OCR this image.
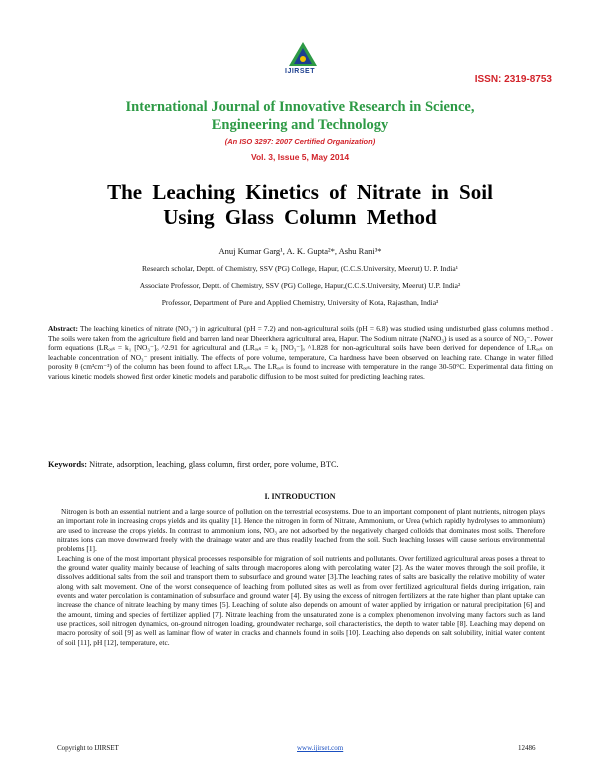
IJIRSET
ISSN: 2319-8753
International Journal of Innovative Research in Science,
Engineering and Technology
(An ISO 3297: 2007 Certified Organization)
Vol. 3, Issue 5, May 2014
The Leaching Kinetics of Nitrate in Soil
Using Glass Column Method
Anuj Kumar Garg¹, A. K. Gupta²*, Ashu Rani³*
Research scholar, Deptt. of Chemistry, SSV (PG) College, Hapur, (C.C.S.University, Meerut) U. P. India¹
Associate Professor, Deptt. of Chemistry, SSV (PG) College, Hapur,(C.C.S.University, Meerut) U.P. India²
Professor, Department of Pure and Applied Chemistry, University of Kota, Rajasthan, India³
Abstract: The leaching kinetics of nitrate (NO₃⁻) in agricultural (pH = 7.2) and non-agricultural soils (pH = 6.8) was studied using undisturbed glass columns method . The soils were taken from the agriculture field and barren land near Dheerkhera agricultural area, Hapur. The Sodium nitrate (NaNO₃) is used as a source of NO₃⁻. Power form equations (LRₒₑₛ = k₁ [NO₃⁻]ₒ ^2.91 for agricultural and (LRₒₑₛ = k₂ [NO₃⁻]ₒ ^1.828 for non-agricultural soils have been derived for dependence of LRₒₑₛ on leachable concentration of NO₃⁻ present initially. The effects of pore volume, temperature, Ca hardness have been observed on leaching rate. Change in water filled porosity θ (cm³cm⁻³) of the column has been found to affect LRₒₑₛ. The LRₒₑₛ is found to increase with temperature in the range 30-50°C. Experimental data fitting on various kinetic models showed first order kinetic models and parabolic diffusion to be most suited for predicting leaching rates.
Keywords: Nitrate, adsorption, leaching, glass column, first order, pore volume, BTC.
I. INTRODUCTION

Nitrogen is both an essential nutrient and a large source of pollution on the terrestrial ecosystems. Due to an important component of plant nutrients, nitrogen plays an important role in increasing crops yields and its quality [1]. Hence the nitrogen in form of Nitrate, Ammonium, or Urea (which rapidly hydrolyses to ammonium) are used to increase the crops yields. In contrast to ammonium ions, NO₃ are not adsorbed by the negatively charged colloids that dominates most soils. Therefore nitrates ions can move downward freely with the drainage water and are thus readily leached from the soil. Such leaching losses will cause serious environmental problems [1].

Leaching is one of the most important physical processes responsible for migration of soil nutrients and pollutants. Over fertilized agricultural areas poses a threat to the ground water quality mainly because of leaching of salts through macropores along with percolating water [2]. As the water moves through the soil profile, it dissolves additional salts from the soil and transport them to subsurface and ground water [3].The leaching rates of salts are basically the relative mobility of water along with salt movement. One of the worst consequence of leaching from polluted sites as well as from over fertilized agricultural fields during irrigation, rain events and water percolation is contamination of subsurface and ground water [4]. By using the excess of nitrogen fertilizers at the rate higher than plant uptake can increase the chance of nitrate leaching by many times [5]. Leaching of solute also depends on amount of water applied by irrigation or natural precipitation [6] and the amount, timing and species of fertilizer applied [7]. Nitrate leaching from the unsaturated zone is a complex phenomenon involving many factors such as land use practices, soil nitrogen dynamics, on-ground nitrogen loading, groundwater recharge, soil characteristics, the depth to water table [8]. Leaching may depend on macro porosity of soil [9] as well as laminar flow of water in cracks and channels found in soils [10]. Leaching also depends on salt solubility, initial water content of soil [11], pH [12], temperature, etc.

Copyright to IJIRSET	www.ijirset.com	12486
